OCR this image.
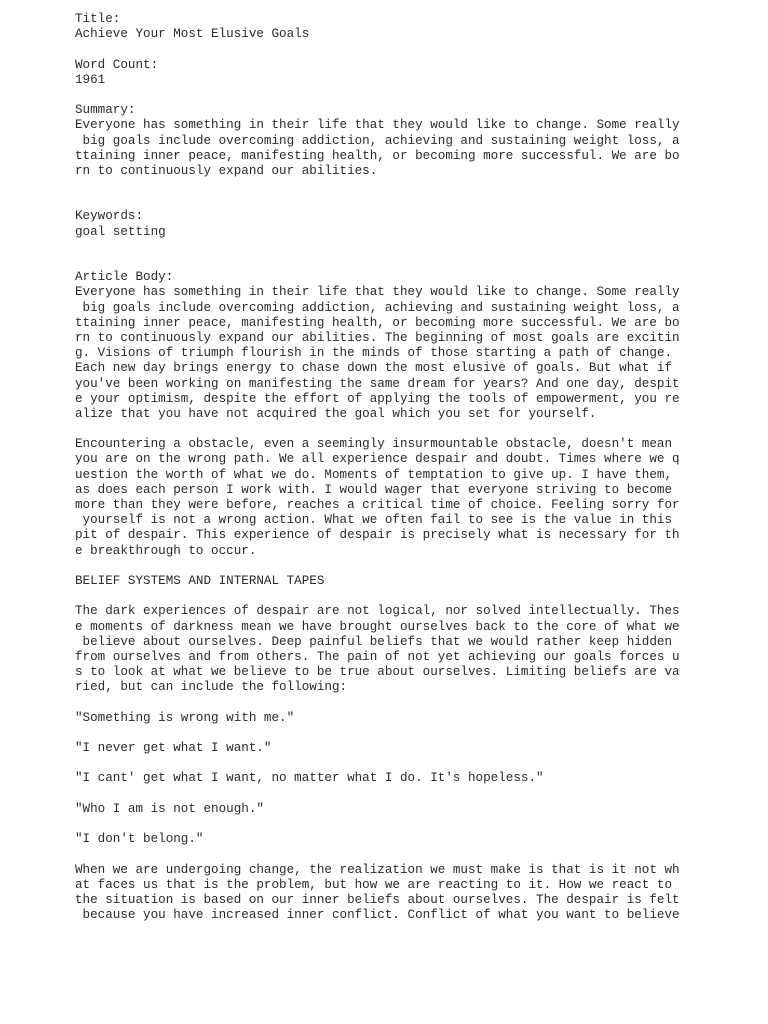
Title:
Achieve Your Most Elusive Goals
Word Count:
1961
Summary:
Everyone has something in their life that they would like to change. Some really
big goals include overcoming addiction, achieving and sustaining weight loss, a
ttaining inner peace, manifesting health, or becoming more successful. We are bo
rn to continuously expand our abilities.
Keywords:
goal setting
Article Body:
Everyone has something in their life that they would like to change. Some really
big goals include overcoming addiction, achieving and sustaining weight loss, a
ttaining inner peace, manifesting health, or becoming more successful. We are bo
rn to continuously expand our abilities. The beginning of most goals are excitin
g. Visions of triumph flourish in the minds of those starting a path of change.
Each new day brings energy to chase down the most elusive of goals. But what if
you've been working on manifesting the same dream for years? And one day, despit
e your optimism, despite the effort of applying the tools of empowerment, you re
alize that you have not acquired the goal which you set for yourself.
Encountering a obstacle, even a seemingly insurmountable obstacle, doesn't mean
you are on the wrong path. We all experience despair and doubt. Times where we q
uestion the worth of what we do. Moments of temptation to give up. I have them,
as does each person I work with. I would wager that everyone striving to become
more than they were before, reaches a critical time of choice. Feeling sorry for
yourself is not a wrong action. What we often fail to see is the value in this
pit of despair. This experience of despair is precisely what is necessary for th
e breakthrough to occur.
BELIEF SYSTEMS AND INTERNAL TAPES
The dark experiences of despair are not logical, nor solved intellectually. Thes
e moments of darkness mean we have brought ourselves back to the core of what we
believe about ourselves. Deep painful beliefs that we would rather keep hidden
from ourselves and from others. The pain of not yet achieving our goals forces u
s to look at what we believe to be true about ourselves. Limiting beliefs are va
ried, but can include the following:
"Something is wrong with me."
"I never get what I want."
"I cant' get what I want, no matter what I do. It's hopeless."
"Who I am is not enough."
"I don't belong."
When we are undergoing change, the realization we must make is that is it not wh
at faces us that is the problem, but how we are reacting to it. How we react to
the situation is based on our inner beliefs about ourselves. The despair is felt
because you have increased inner conflict. Conflict of what you want to believe
